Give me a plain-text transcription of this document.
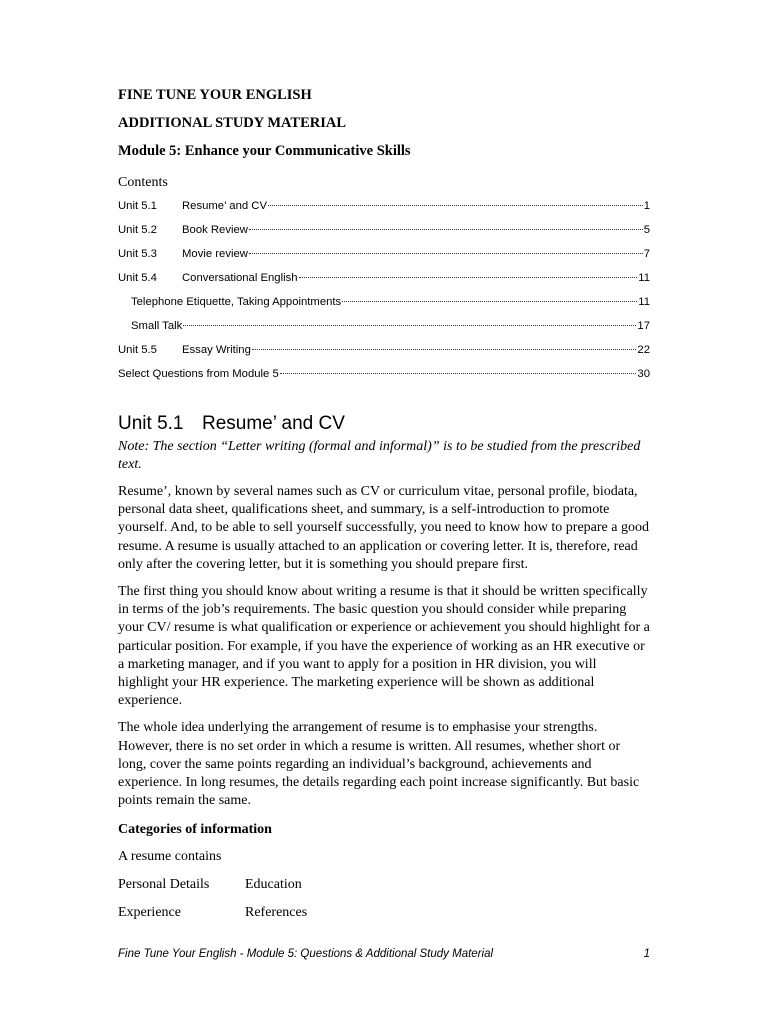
FINE TUNE YOUR ENGLISH
ADDITIONAL STUDY MATERIAL
Module 5: Enhance your Communicative Skills
Contents
Unit 5.1	Resume’ and CV	1
Unit 5.2	Book Review	5
Unit 5.3	Movie review	7
Unit 5.4	Conversational English	11
Telephone Etiquette, Taking Appointments	11
Small Talk	17
Unit 5.5	Essay Writing	22
Select Questions from Module 5	30
Unit 5.1 Resume’ and CV
Note: The section “Letter writing (formal and informal)” is to be studied from the prescribed text.

Resume’, known by several names such as CV or curriculum vitae, personal profile, biodata, personal data sheet, qualifications sheet, and summary, is a self-introduction to promote yourself. And, to be able to sell yourself successfully, you need to know how to prepare a good resume. A resume is usually attached to an application or covering letter. It is, therefore, read only after the covering letter, but it is something you should prepare first.

The first thing you should know about writing a resume is that it should be written specifically in terms of the job’s requirements. The basic question you should consider while preparing your CV/ resume is what qualification or experience or achievement you should highlight for a particular position. For example, if you have the experience of working as an HR executive or a marketing manager, and if you want to apply for a position in HR division, you will highlight your HR experience. The marketing experience will be shown as additional experience.

The whole idea underlying the arrangement of resume is to emphasise your strengths. However, there is no set order in which a resume is written. All resumes, whether short or long, cover the same points regarding an individual’s background, achievements and experience. In long resumes, the details regarding each point increase significantly. But basic points remain the same.

Categories of information
A resume contains
Personal Details	Education
Experience	References
Fine Tune Your English - Module 5: Questions & Additional Study Material	1
